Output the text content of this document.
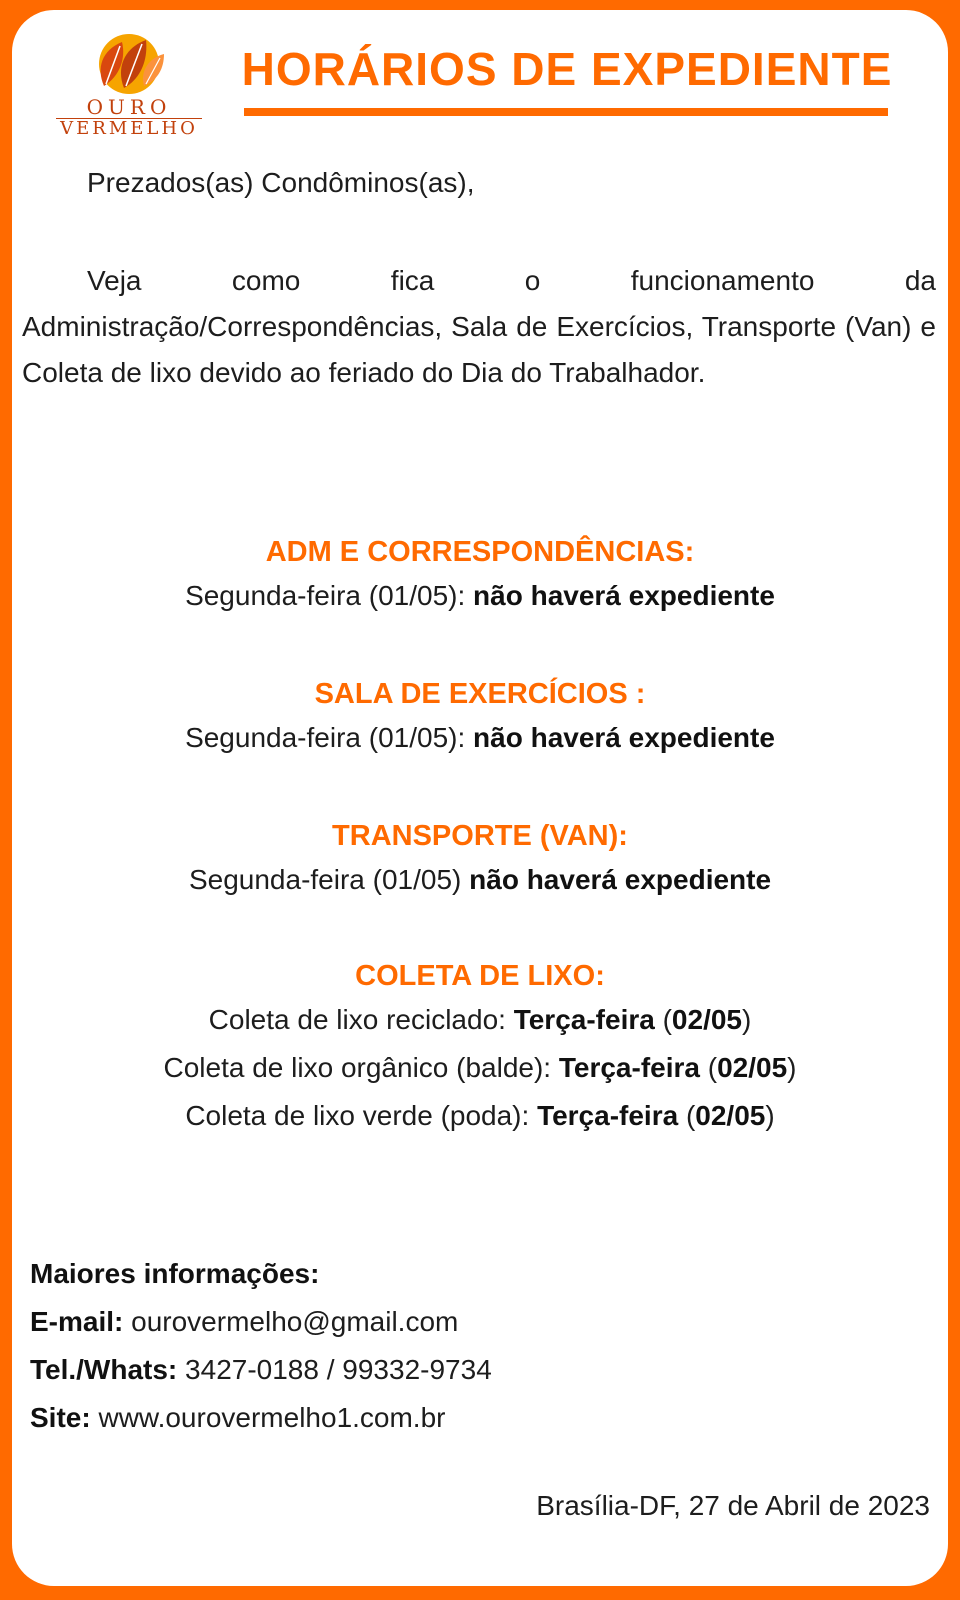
OURO
VERMELHO
HORÁRIOS DE EXPEDIENTE
Prezados(as) Condôminos(as),

Veja como fica o funcionamento da Administração/Correspondências, Sala de Exercícios, Transporte (Van) e Coleta de lixo devido ao feriado do Dia do Trabalhador.

ADM E CORRESPONDÊNCIAS:
Segunda-feira (01/05): não haverá expediente
SALA DE EXERCÍCIOS :
Segunda-feira (01/05): não haverá expediente
TRANSPORTE (VAN):
Segunda-feira (01/05) não haverá expediente
COLETA DE LIXO:
Coleta de lixo reciclado: Terça-feira (02/05)
Coleta de lixo orgânico (balde): Terça-feira (02/05)
Coleta de lixo verde (poda): Terça-feira (02/05)
Maiores informações:
E-mail: ourovermelho@gmail.com
Tel./Whats: 3427-0188 / 99332-9734
Site: www.ourovermelho1.com.br
Brasília-DF, 27 de Abril de 2023
